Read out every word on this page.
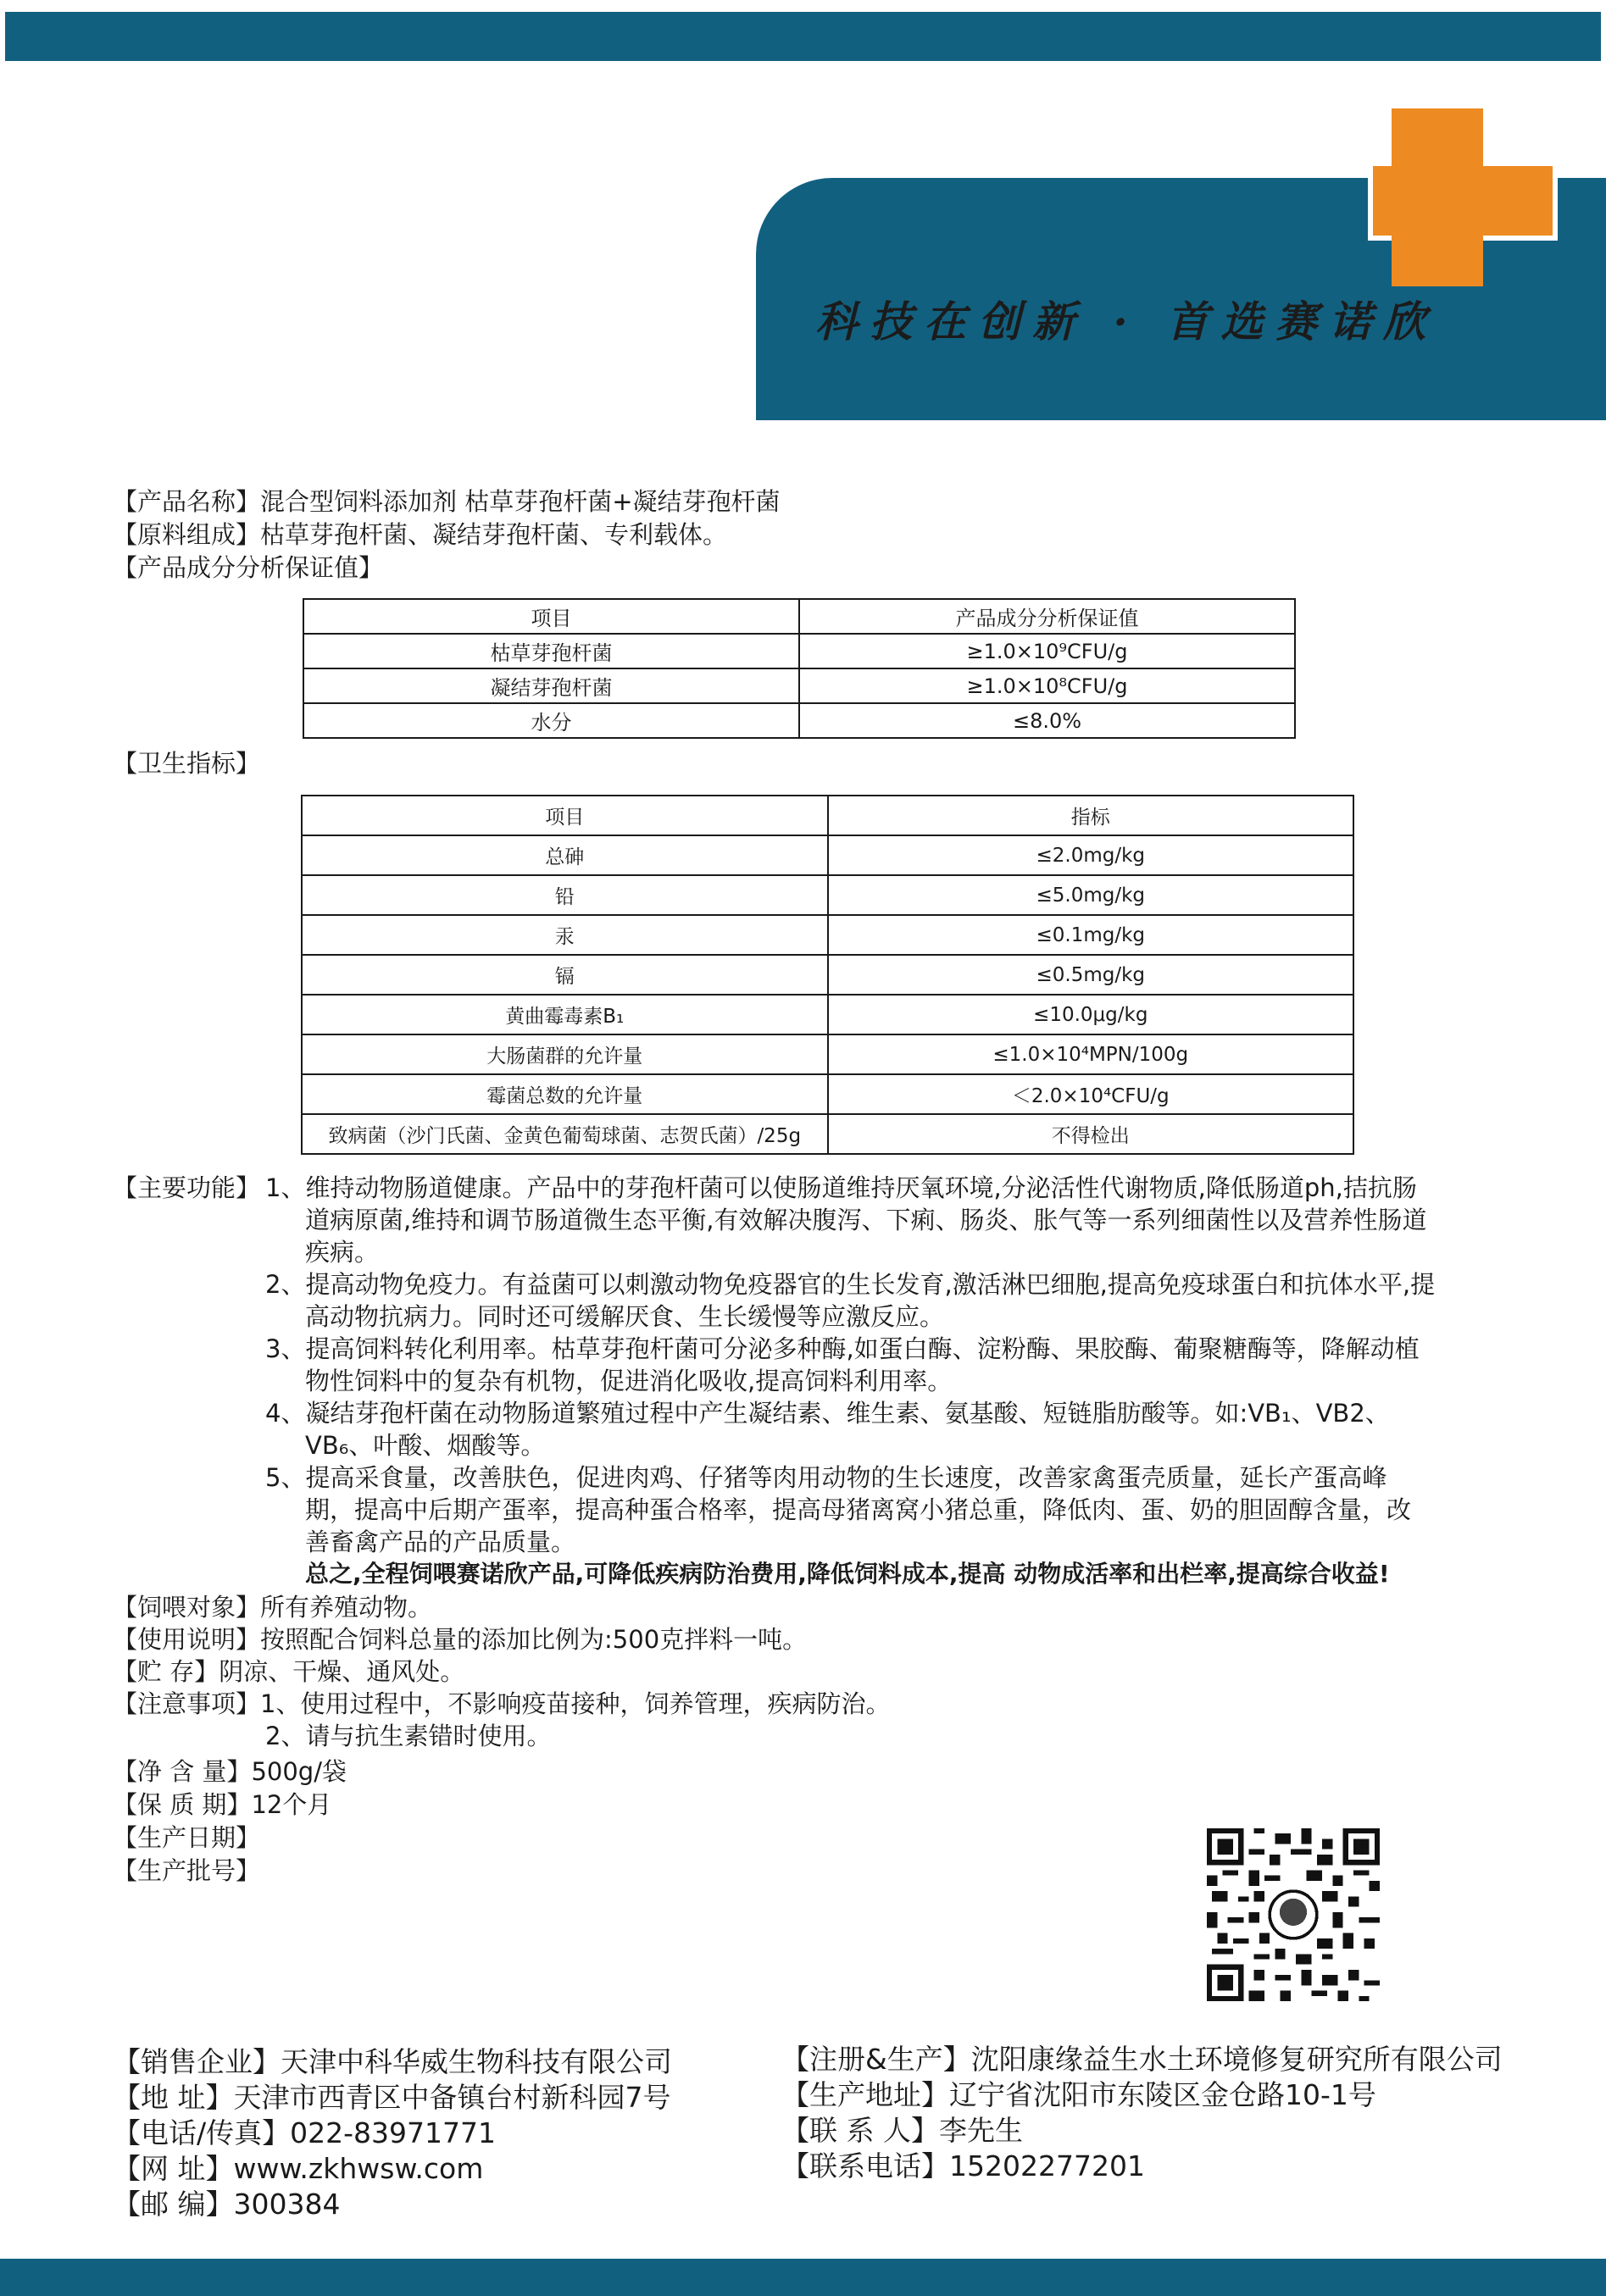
科技在创新 · 首选赛诺欣
【产品名称】混合型饲料添加剂 枯草芽孢杆菌+凝结芽孢杆菌
【原料组成】枯草芽孢杆菌、凝结芽孢杆菌、专利载体。
【产品成分分析保证值】
项目	产品成分分析保证值
枯草芽孢杆菌	≥1.0×10⁹CFU/g
凝结芽孢杆菌	≥1.0×10⁸CFU/g
水分	≤8.0%
【卫生指标】
项目	指标
总砷	≤2.0mg/kg
铅	≤5.0mg/kg
汞	≤0.1mg/kg
镉	≤0.5mg/kg
黄曲霉毒素B₁	≤10.0μg/kg
大肠菌群的允许量	≤1.0×10⁴MPN/100g
霉菌总数的允许量	＜2.0×10⁴CFU/g
致病菌（沙门氏菌、金黄色葡萄球菌、志贺氏菌）/25g	不得检出
【主要功能】 1、维持动物肠道健康。产品中的芽孢杆菌可以使肠道维持厌氧环境,分泌活性代谢物质,降低肠道ph,拮抗肠
道病原菌,维持和调节肠道微生态平衡,有效解决腹泻、下痢、肠炎、胀气等一系列细菌性以及营养性肠道
疾病。
2、提高动物免疫力。有益菌可以刺激动物免疫器官的生长发育,激活淋巴细胞,提高免疫球蛋白和抗体水平,提
高动物抗病力。同时还可缓解厌食、生长缓慢等应激反应。
3、提高饲料转化利用率。枯草芽孢杆菌可分泌多种酶,如蛋白酶、淀粉酶、果胶酶、葡聚糖酶等，降解动植
物性饲料中的复杂有机物，促进消化吸收,提高饲料利用率。
4、凝结芽孢杆菌在动物肠道繁殖过程中产生凝结素、维生素、氨基酸、短链脂肪酸等。如:VB₁、VB2、
VB₆、叶酸、烟酸等。
5、提高采食量，改善肤色，促进肉鸡、仔猪等肉用动物的生长速度，改善家禽蛋壳质量，延长产蛋高峰
期，提高中后期产蛋率，提高种蛋合格率，提高母猪离窝小猪总重，降低肉、蛋、奶的胆固醇含量，改
善畜禽产品的产品质量。
总之,全程饲喂赛诺欣产品,可降低疾病防治费用,降低饲料成本,提高 动物成活率和出栏率,提高综合收益!
【饲喂对象】所有养殖动物。
【使用说明】按照配合饲料总量的添加比例为:500克拌料一吨。
【贮 存】阴凉、干燥、通风处。
【注意事项】1、使用过程中，不影响疫苗接种，饲养管理，疾病防治。
2、请与抗生素错时使用。
【净 含 量】500g/袋
【保 质 期】12个月
【生产日期】
【生产批号】
【销售企业】天津中科华威生物科技有限公司
【地 址】天津市西青区中备镇台村新科园7号
【电话/传真】022-83971771
【网 址】www.zkhwsw.com
【邮 编】300384
【注册&生产】沈阳康缘益生水土环境修复研究所有限公司
【生产地址】辽宁省沈阳市东陵区金仓路10-1号
【联 系 人】李先生
【联系电话】15202277201
